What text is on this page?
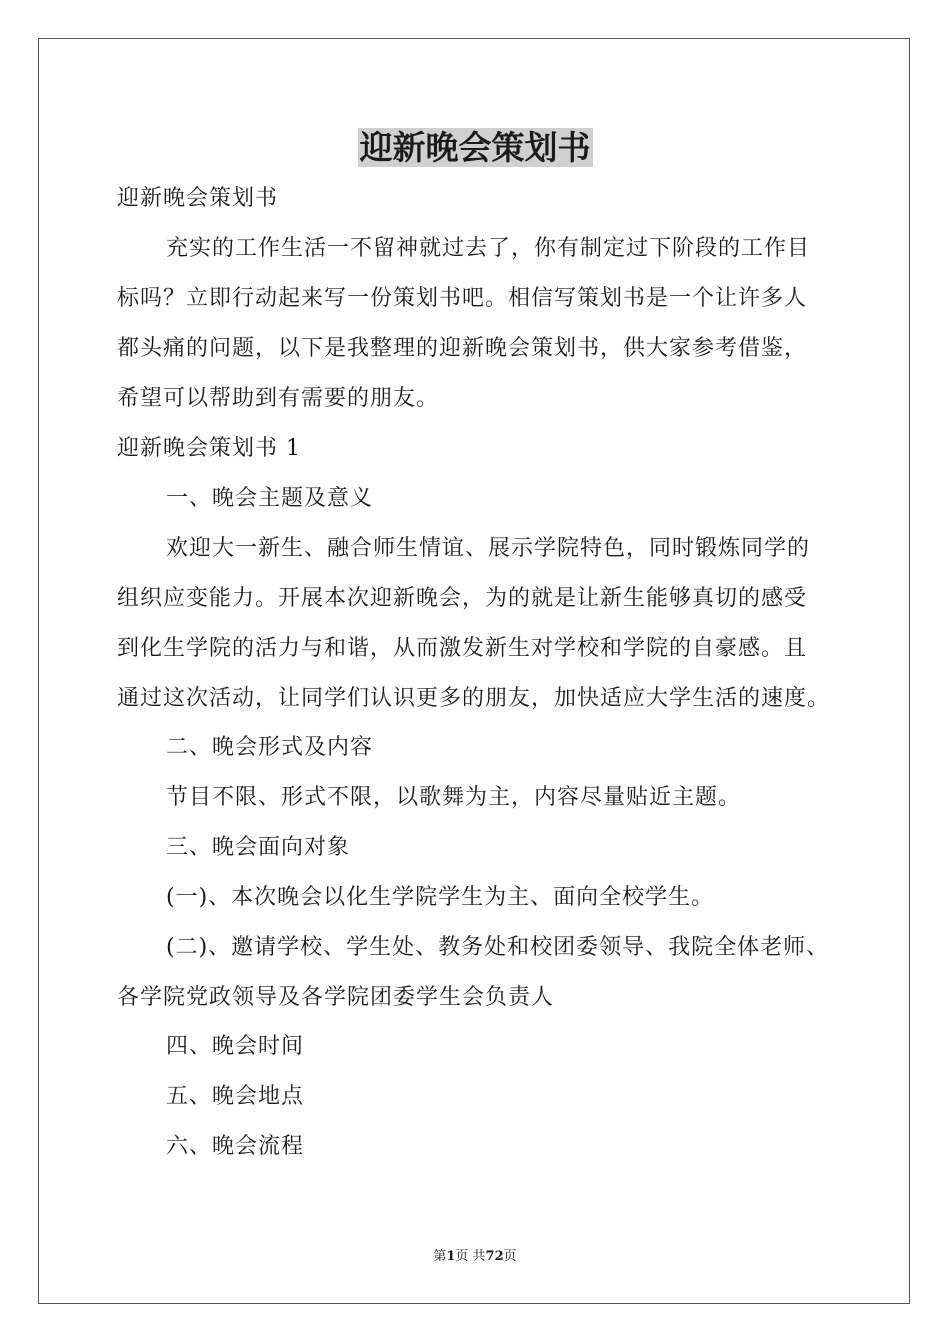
迎新晚会策划书
迎新晚会策划书
充实的工作生活一不留神就过去了，你有制定过下阶段的工作目
标吗？立即行动起来写一份策划书吧。相信写策划书是一个让许多人
都头痛的问题，以下是我整理的迎新晚会策划书，供大家参考借鉴，
希望可以帮助到有需要的朋友。
迎新晚会策划书 1
一、晚会主题及意义
欢迎大一新生、融合师生情谊、展示学院特色，同时锻炼同学的
组织应变能力。开展本次迎新晚会，为的就是让新生能够真切的感受
到化生学院的活力与和谐，从而激发新生对学校和学院的自豪感。且
通过这次活动，让同学们认识更多的朋友，加快适应大学生活的速度。
二、晚会形式及内容
节目不限、形式不限，以歌舞为主，内容尽量贴近主题。
三、晚会面向对象
(一)、本次晚会以化生学院学生为主、面向全校学生。
(二)、邀请学校、学生处、教务处和校团委领导、我院全体老师、
各学院党政领导及各学院团委学生会负责人
四、晚会时间
五、晚会地点
六、晚会流程
第1页 共72页
